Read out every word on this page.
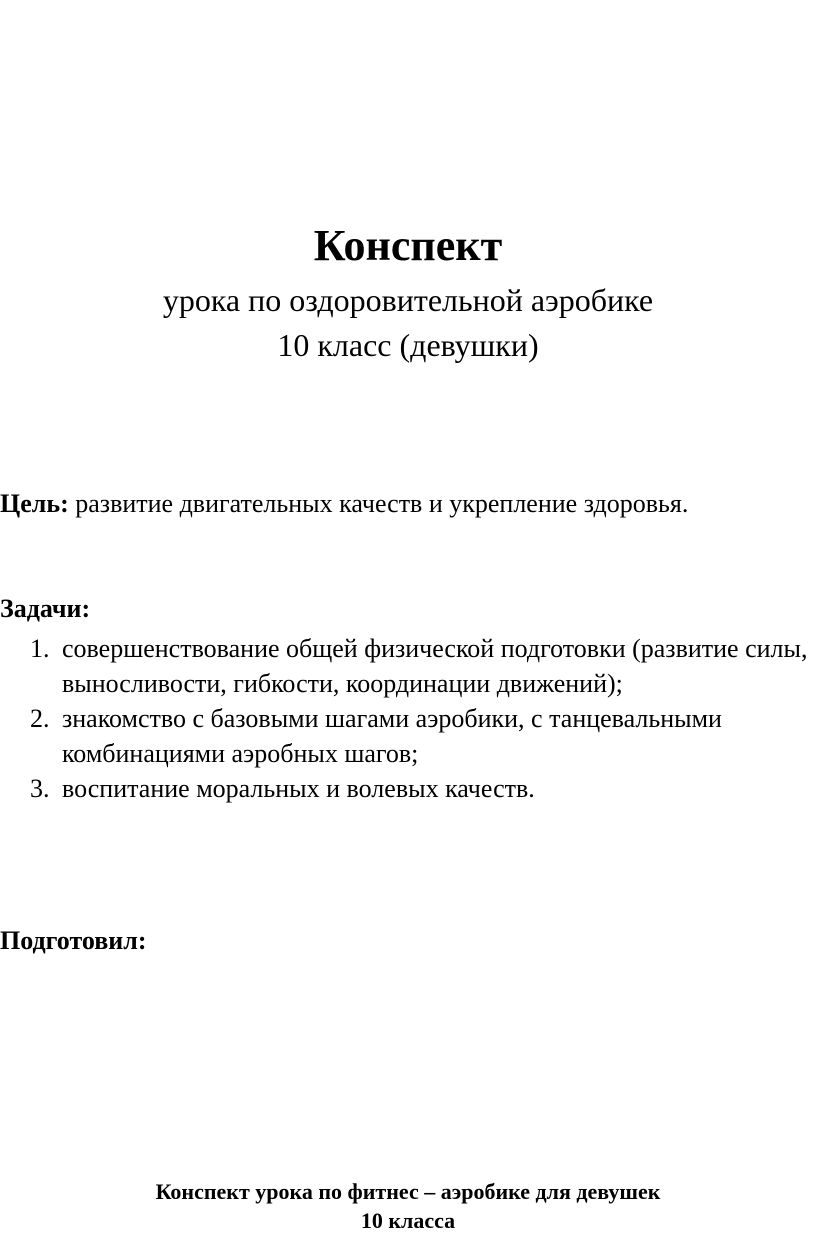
Конспект

урока по оздоровительной аэробике

10 класс (девушки)

Цель: развитие двигательных качеств и укрепление здоровья.

Задачи:

1. совершенствование общей физической подготовки (развитие силы, выносливости, гибкости, координации движений);
2. знакомство с базовыми шагами аэробики, с танцевальными комбинациями аэробных шагов;
3. воспитание моральных и волевых качеств.

Подготовил:

Конспект урока по фитнес – аэробике для девушек

10 класса
